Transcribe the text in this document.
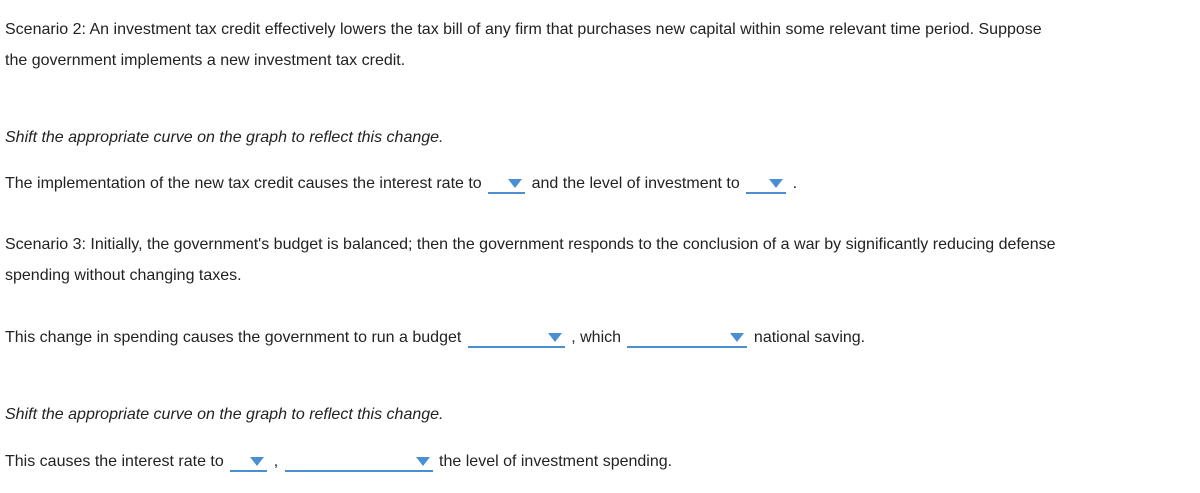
Scenario 2: An investment tax credit effectively lowers the tax bill of any firm that purchases new capital within some relevant time period. Suppose
the government implements a new investment tax credit.
Shift the appropriate curve on the graph to reflect this change.
The implementation of the new tax credit causes the interest rate to	and the level of investment to	.
Scenario 3: Initially, the government's budget is balanced; then the government responds to the conclusion of a war by significantly reducing defense
spending without changing taxes.
This change in spending causes the government to run a budget	, which	national saving.
Shift the appropriate curve on the graph to reflect this change.
This causes the interest rate to	,	the level of investment spending.
